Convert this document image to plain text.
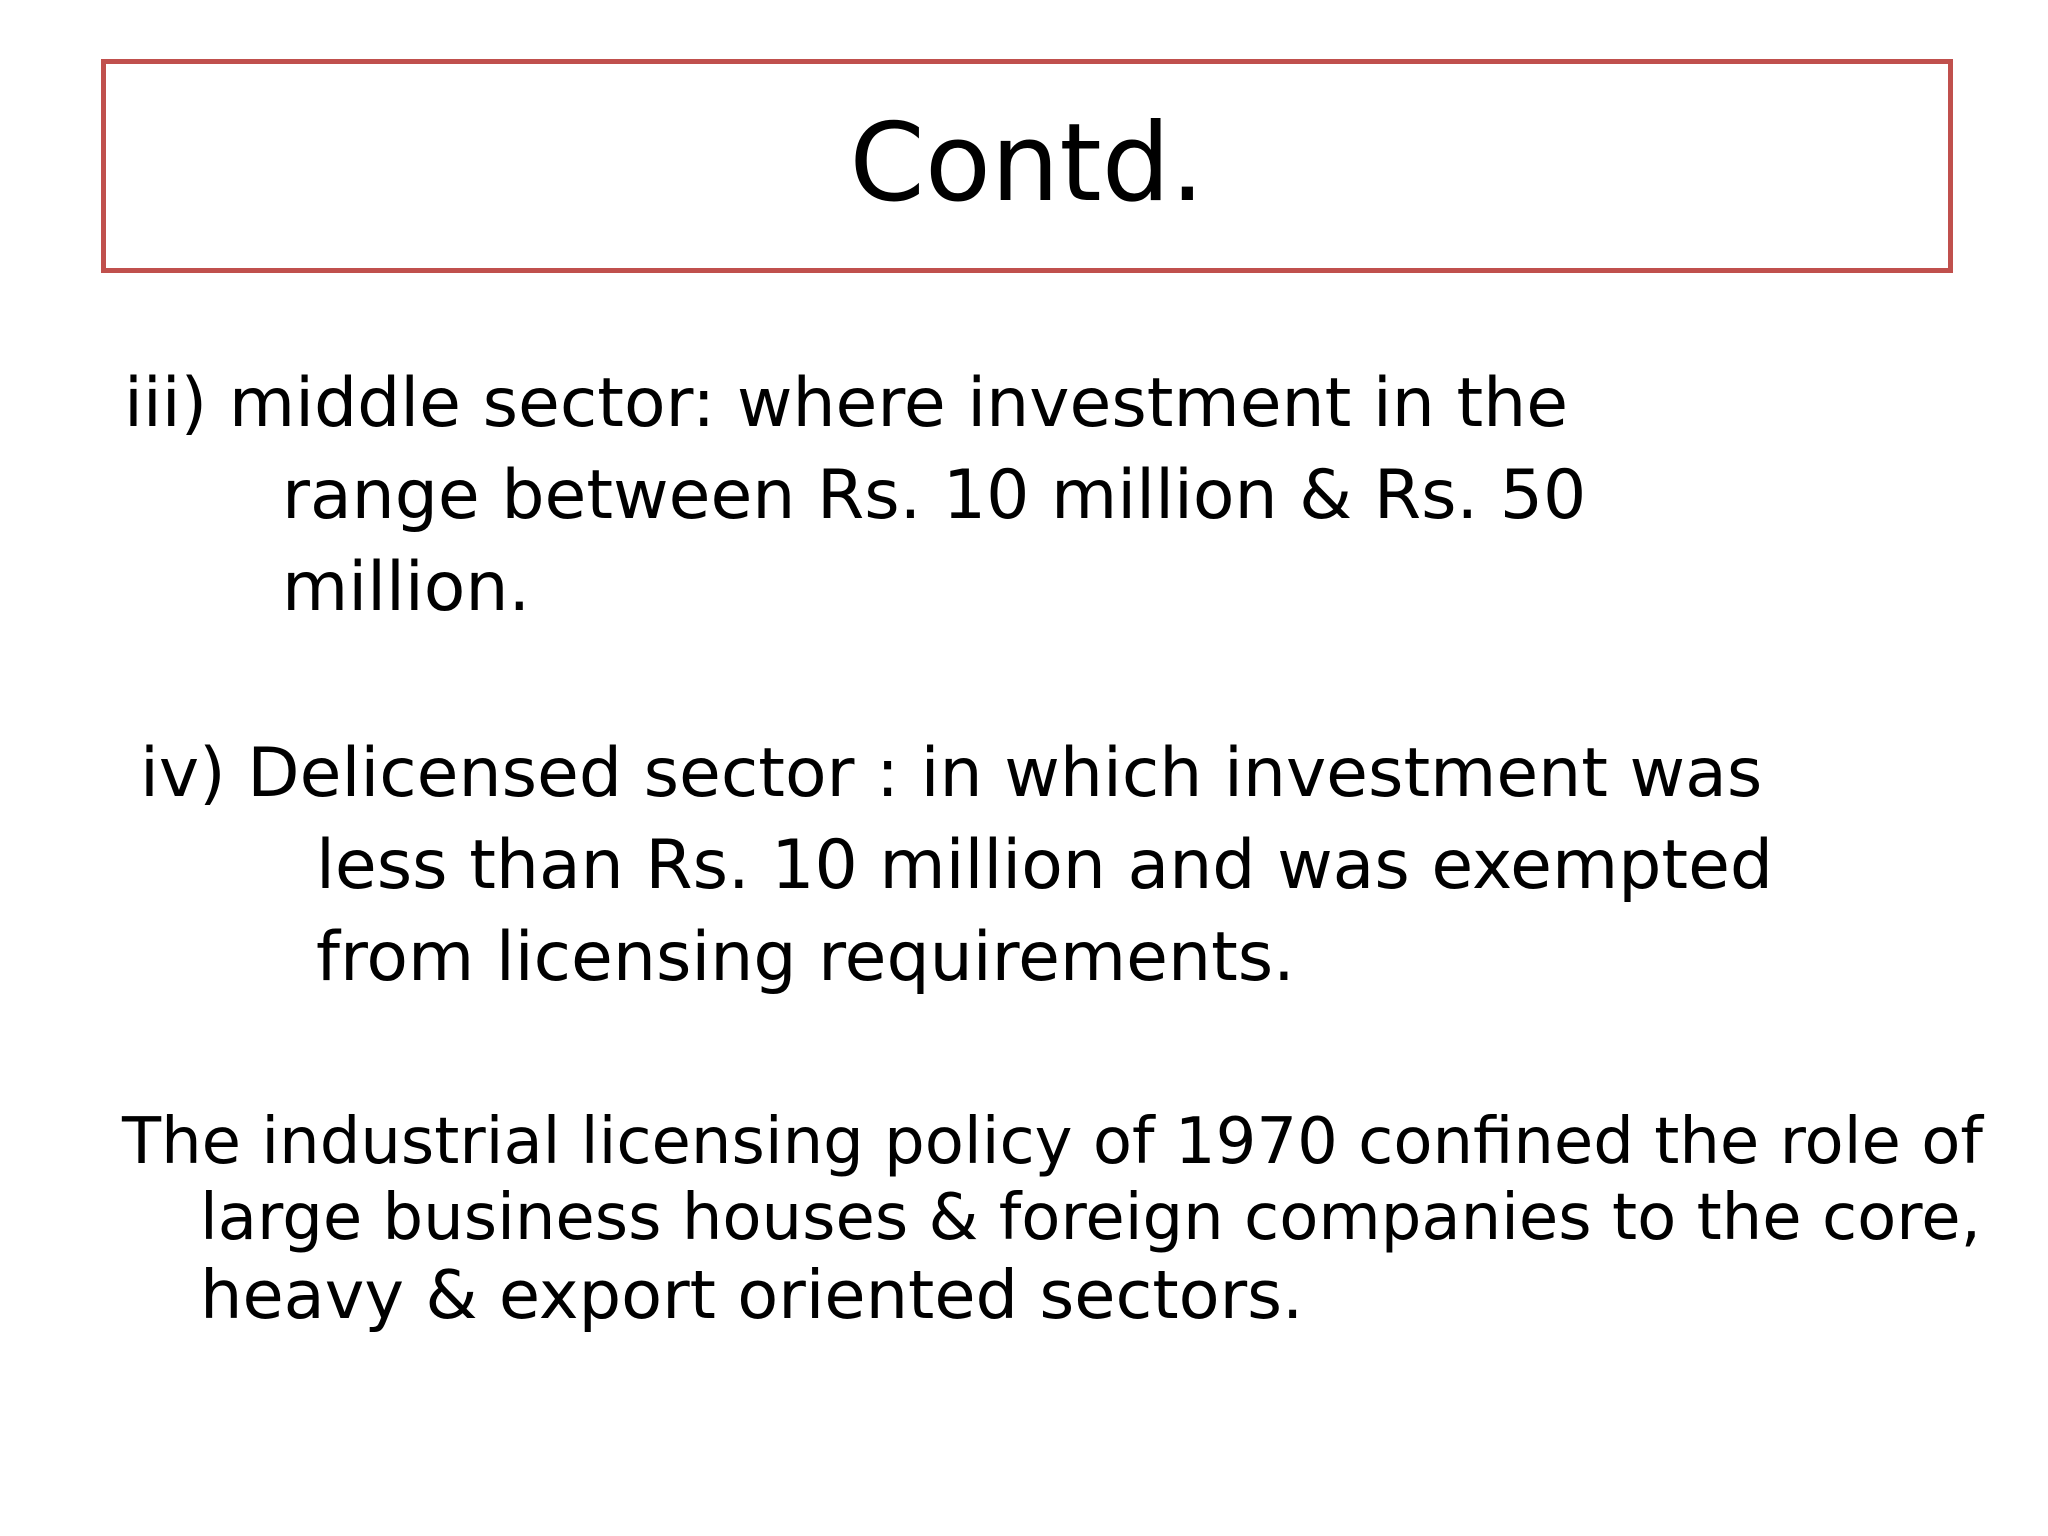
Contd.
iii) middle sector: where investment in the
range between Rs. 10 million & Rs. 50
million.
iv) Delicensed sector : in which investment was
less than Rs. 10 million and was exempted
from licensing requirements.
The industrial licensing policy of 1970 confined the role of
large business houses & foreign companies to the core,
heavy & export oriented sectors.
